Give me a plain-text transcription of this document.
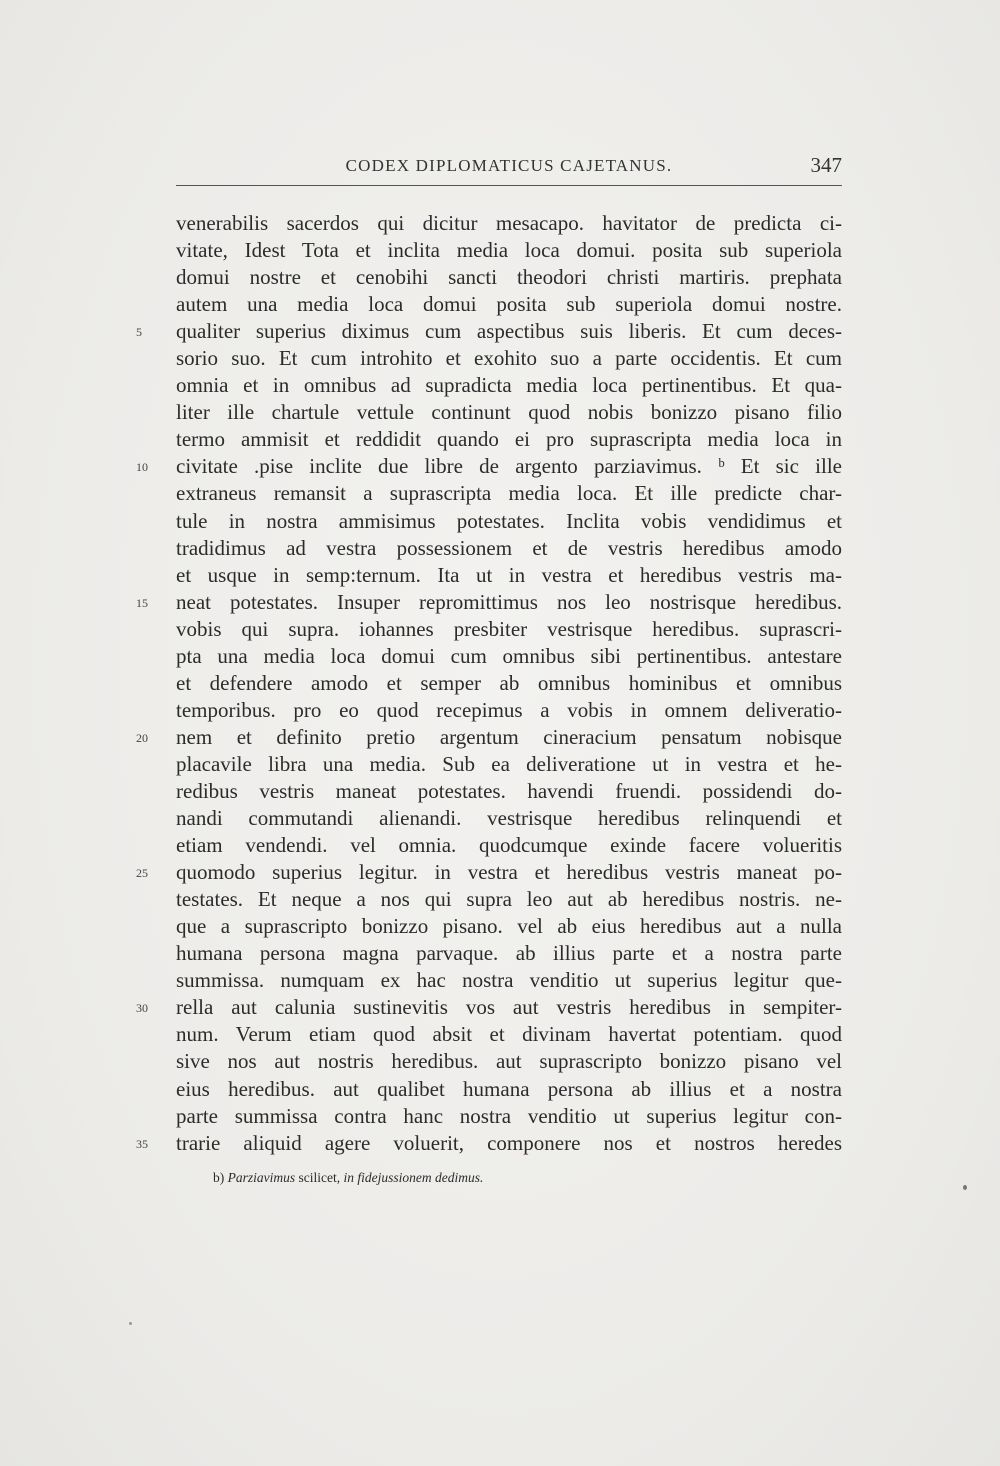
CODEX DIPLOMATICUS CAJETANUS.	347
venerabilis sacerdos qui dicitur mesacapo. havitator de predicta ci-
vitate, Idest Tota et inclita media loca domui. posita sub superiola
domui nostre et cenobihi sancti theodori christi martiris. prephata
autem una media loca domui posita sub superiola domui nostre.
5	qualiter superius diximus cum aspectibus suis liberis. Et cum deces-
sorio suo. Et cum introhito et exohito suo a parte occidentis. Et cum
omnia et in omnibus ad supradicta media loca pertinentibus. Et qua-
liter ille chartule vettule continunt quod nobis bonizzo pisano filio
termo ammisit et reddidit quando ei pro suprascripta media loca in
10 civitate .pise inclite due libre de argento parziavimus. ᵇ Et sic ille
extraneus remansit a suprascripta media loca. Et ille predicte char-
tule in nostra ammisimus potestates. Inclita vobis vendidimus et
tradidimus ad vestra possessionem et de vestris heredibus amodo
et usque in semp:ternum. Ita ut in vestra et heredibus vestris ma-
15 neat potestates. Insuper repromittimus nos leo nostrisque heredibus.
vobis qui supra. iohannes presbiter vestrisque heredibus. suprascri-
pta una media loca domui cum omnibus sibi pertinentibus. antestare
et defendere amodo et semper ab omnibus hominibus et omnibus
temporibus. pro eo quod recepimus a vobis in omnem deliveratio-
20 nem et definito pretio argentum cineracium pensatum nobisque
placavile libra una media. Sub ea deliveratione ut in vestra et he-
redibus vestris maneat potestates. havendi fruendi. possidendi do-
nandi commutandi alienandi. vestrisque heredibus relinquendi et
etiam vendendi. vel omnia. quodcumque exinde facere volueritis
25 quomodo superius legitur. in vestra et heredibus vestris maneat po-
testates. Et neque a nos qui supra leo aut ab heredibus nostris. ne-
que a suprascripto bonizzo pisano. vel ab eius heredibus aut a nulla
humana persona magna parvaque. ab illius parte et a nostra parte
summissa. numquam ex hac nostra venditio ut superius legitur que-
30 rella aut calunia sustinevitis vos aut vestris heredibus in sempiter-
num. Verum etiam quod absit et divinam havertat potentiam. quod
sive nos aut nostris heredibus. aut suprascripto bonizzo pisano vel
eius heredibus. aut qualibet humana persona ab illius et a nostra
parte summissa contra hanc nostra venditio ut superius legitur con-
35 trarie aliquid agere voluerit, componere nos et nostros heredes
b) Parziavimus scilicet, in fidejussionem dedimus.
